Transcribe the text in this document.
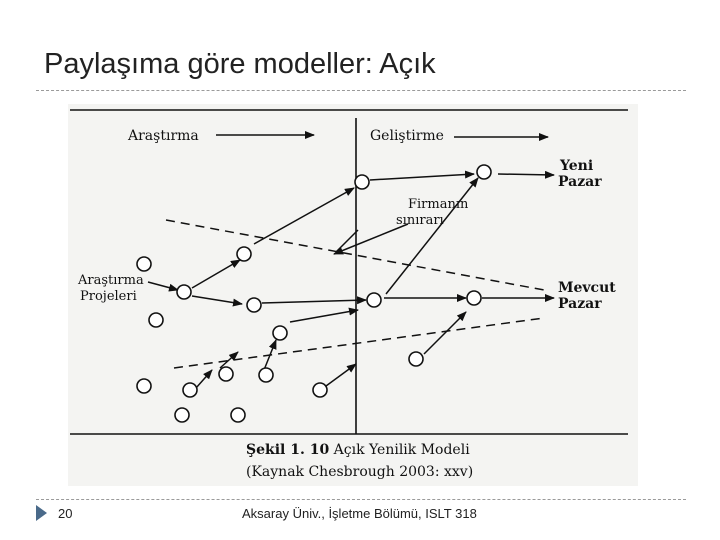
Paylaşıma göre modeller: Açık
Araştırma	Geliştirme
Araştırma
Projeleri
Firmanın
sınırarı
Yeni
Pazar
Mevcut
Pazar
Şekil 1. 10 Açık Yenilik Modeli
(Kaynak Chesbrough 2003: xxv)
20	Aksaray Üniv., İşletme Bölümü, ISLT 318
